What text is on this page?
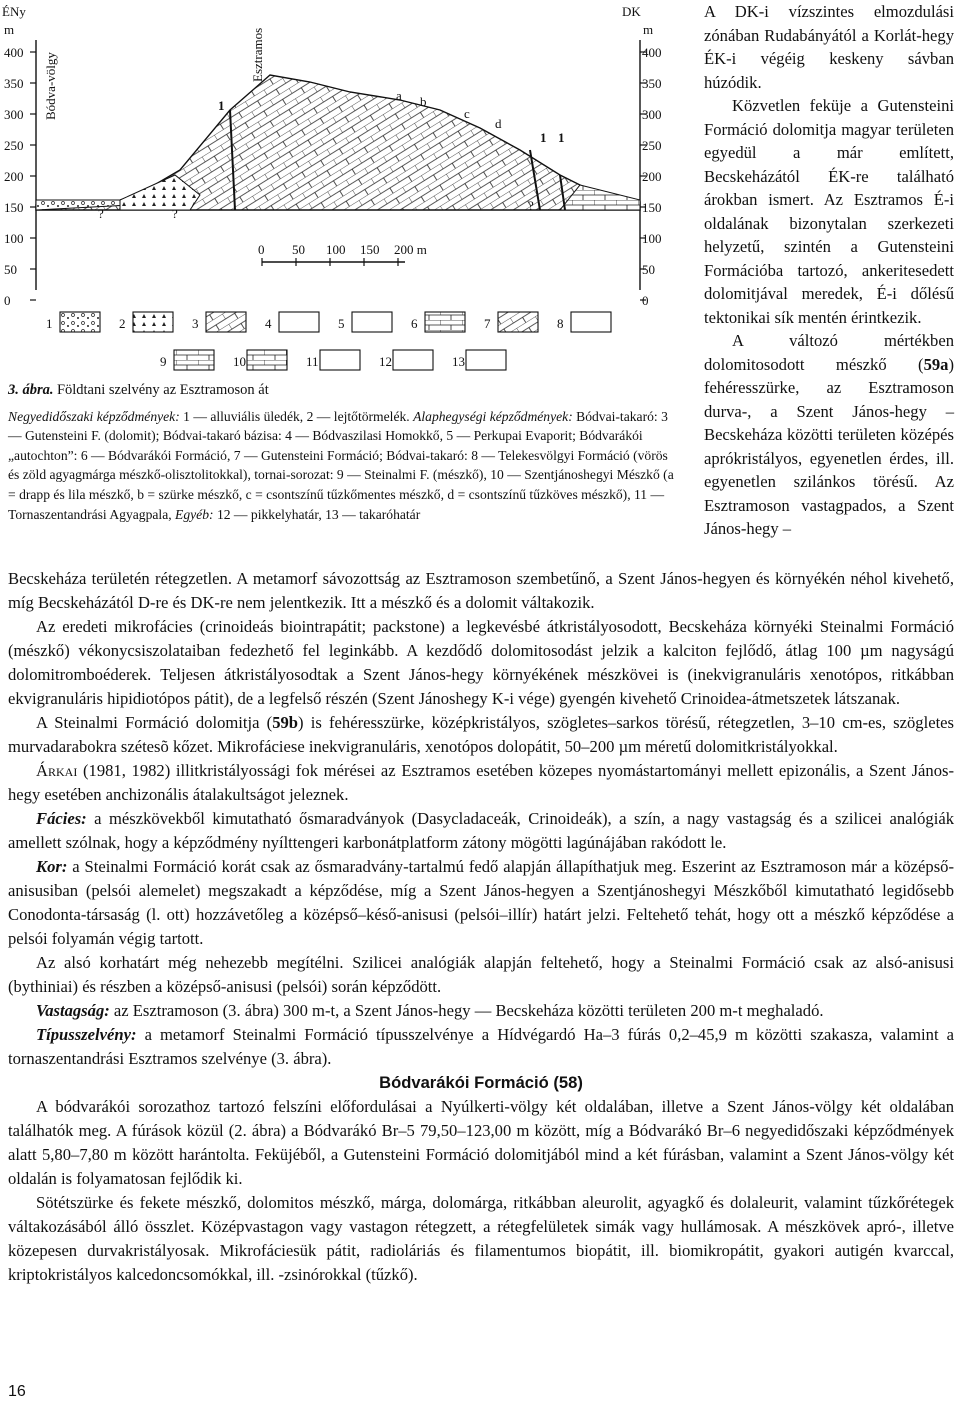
ÉNy	DK
m	m
400
350
300
250
200
150
100
50
0
400
350
300
250
200
150
100
50
0
Bódva-völgy	Esztramos
a b
c
d
?	?
?
1
1 1
0 50 100 150 200 m
1	2	3	4	5	6	7	8
9	10	11	12	13
3. ábra. Földtani szelvény az Esztramoson át
Negyedidőszaki képződmények: 1 — alluviális üledék, 2 — lejtőtörmelék. Alaphegységi képződmények: Bódvai-takaró: 3 — Gutensteini F. (dolomit); Bódvai-takaró bázisa: 4 — Bódvaszilasi Homokkő, 5 — Perkupai Evaporit; Bódvarákói „autochton”: 6 — Bódvarákói Formáció, 7 — Gutensteini Formáció; Bódvai-takaró: 8 — Telekesvölgyi Formáció (vörös és zöld agyagmárga mészkő-olisztolitokkal), tornai-sorozat: 9 — Steinalmi F. (mészkő), 10 — Szentjánoshegyi Mészkő (a = drapp és lila mészkő, b = szürke mészkő, c = csontszínű tűzkőmentes mészkő, d = csontszínű tűzköves mészkő), 11 — Tornaszentandrási Agyagpala, Egyéb: 12 — pikkelyhatár, 13 — takaróhatár

A DK-i vízszintes elmozdulási zónában Rudabányától a Korlát-hegy ÉK-i végéig keskeny sávban húzódik.

Közvetlen feküje a Gutensteini Formáció dolomitja magyar területen egyedül a már említett, Becskeházától ÉK-re található árokban ismert. Az Esztramos É-i oldalának bizonytalan szerkezeti helyzetű, szintén a Gutensteini Formációba tartozó, ankeritesedett dolomitjával meredek, É-i dőlésű tektonikai sík mentén érintkezik.

A változó mértékben dolomitosodott mészkő (59a) fehéresszürke, az Esztramoson durva-, a Szent János-hegy – Becskeháza közötti területen középés aprókristályos, egyenetlen érdes, ill. egyenetlen szilánkos törésű. Az Esztramoson vastagpados, a Szent János-hegy –

Becskeháza területén rétegzetlen. A metamorf sávozottság az Esztramoson szembetűnő, a Szent János-hegyen és környékén néhol kivehető, míg Becskeházától D-re és DK-re nem jelentkezik. Itt a mészkő és a dolomit váltakozik.

Az eredeti mikrofácies (crinoideás biointrapátit; packstone) a legkevésbé átkristályosodott, Becskeháza környéki Steinalmi Formáció (mészkő) vékonycsiszolataiban fedezhető fel leginkább. A kezdődő dolomitosodást jelzik a kalciton fejlődő, átlag 100 µm nagyságú dolomitromboéderek. Teljesen átkristályosodtak a Szent János-hegy környékének mészkövei is (inekvigranuláris xenotópos, ritkábban ekvigranuláris hipidiotópos pátit), de a legfelső részén (Szent Jánoshegy K-i vége) gyengén kivehető Crinoidea-átmetszetek látszanak.

A Steinalmi Formáció dolomitja (59b) is fehéresszürke, középkristályos, szögletes–sarkos törésű, rétegzetlen, 3–10 cm-es, szögletes murvadarabokra szétesõ kőzet. Mikrofáciese inekvigranuláris, xenotópos dolopátit, 50–200 µm méretű dolomitkristályokkal.

Árkai (1981, 1982) illitkristályossági fok mérései az Esztramos esetében közepes nyomástartományi mellett epizonális, a Szent János-hegy esetében anchizonális átalakultságot jeleznek.

Fácies: a mészkövekből kimutatható ősmaradványok (Dasycladaceák, Crinoideák), a szín, a nagy vastagság és a szilicei analógiák amellett szólnak, hogy a képződmény nyílttengeri karbonátplatform zátony mögötti lagúnájában rakódott le.

Kor: a Steinalmi Formáció korát csak az ősmaradvány-tartalmú fedő alapján állapíthatjuk meg. Eszerint az Esztramoson már a középső-anisusiban (pelsói alemelet) megszakadt a képződése, míg a Szent János-hegyen a Szentjánoshegyi Mészkőből kimutatható legidősebb Conodonta-társaság (l. ott) hozzávetőleg a középső–késő-anisusi (pelsói–illír) határt jelzi. Feltehető tehát, hogy ott a mészkő képződése a pelsói folyamán végig tartott.

Az alsó korhatárt még nehezebb megítélni. Szilicei analógiák alapján feltehető, hogy a Steinalmi Formáció csak az alsó-anisusi (bythiniai) és részben a középső-anisusi (pelsói) során képződött.

Vastagság: az Esztramoson (3. ábra) 300 m-t, a Szent János-hegy — Becskeháza közötti területen 200 m-t meghaladó.

Típusszelvény: a metamorf Steinalmi Formáció típusszelvénye a Hídvégardó Ha–3 fúrás 0,2–45,9 m közötti szakasza, valamint a tornaszentandrási Esztramos szelvénye (3. ábra).

Bódvarákói Formáció (58)

A bódvarákói sorozathoz tartozó felszíni előfordulásai a Nyúlkerti-völgy két oldalában, illetve a Szent János-völgy két oldalában találhatók meg. A fúrások közül (2. ábra) a Bódvarákó Br–5 79,50–123,00 m között, míg a Bódvarákó Br–6 negyedidőszaki képződmények alatt 5,80–7,80 m között harántolta. Feküjéből, a Gutensteini Formáció dolomitjából mind a két fúrásban, valamint a Szent János-völgy két oldalán is folyamatosan fejlődik ki.

Sötétszürke és fekete mészkő, dolomitos mészkő, márga, dolomárga, ritkábban aleurolit, agyagkő és dolaleurit, valamint tűzkőrétegek váltakozásából álló összlet. Középvastagon vagy vastagon rétegzett, a rétegfelületek simák vagy hullámosak. A mészkövek apró-, illetve közepesen durvakristályosak. Mikrofáciesük pátit, radioláriás és filamentumos biopátit, ill. biomikropátit, gyakori autigén kvarccal, kriptokristályos kalcedoncsomókkal, ill. -zsinórokkal (tűzkő).

16
